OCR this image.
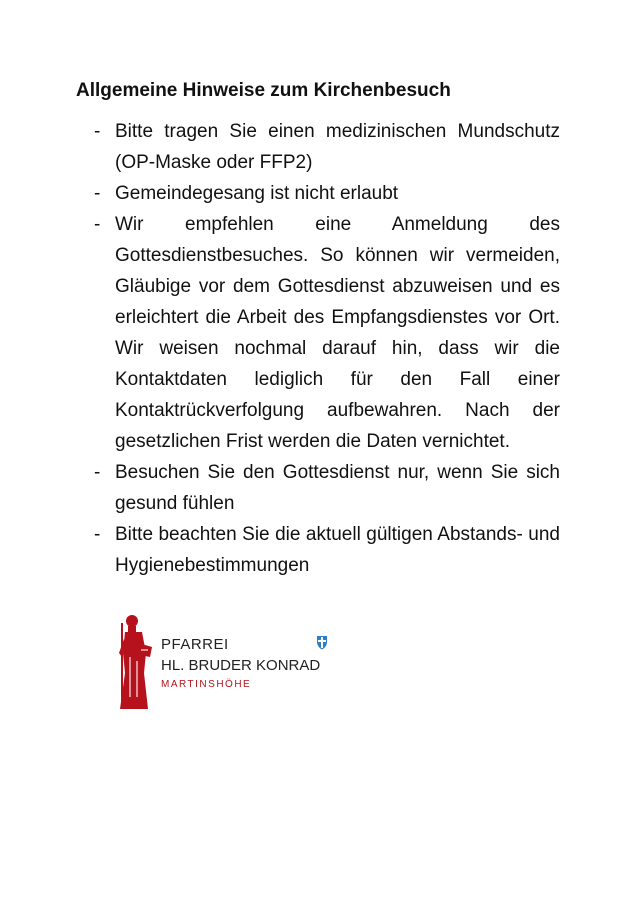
Allgemeine Hinweise zum Kirchenbesuch
- Bitte tragen Sie einen medizinischen Mundschutz (OP-Maske oder FFP2)
- Gemeindegesang ist nicht erlaubt
- Wir empfehlen eine Anmeldung des Gottesdienstbesuches. So können wir vermeiden, Gläubige vor dem Gottesdienst abzuweisen und es erleichtert die Arbeit des Empfangsdienstes vor Ort. Wir weisen nochmal darauf hin, dass wir die Kontaktdaten lediglich für den Fall einer Kontaktrückverfolgung aufbewahren. Nach der gesetzlichen Frist werden die Daten vernichtet.
- Besuchen Sie den Gottesdienst nur, wenn Sie sich gesund fühlen
- Bitte beachten Sie die aktuell gültigen Abstands- und Hygienebestimmungen
PFARREI
HL. BRUDER KONRAD
MARTINSHÖHE
